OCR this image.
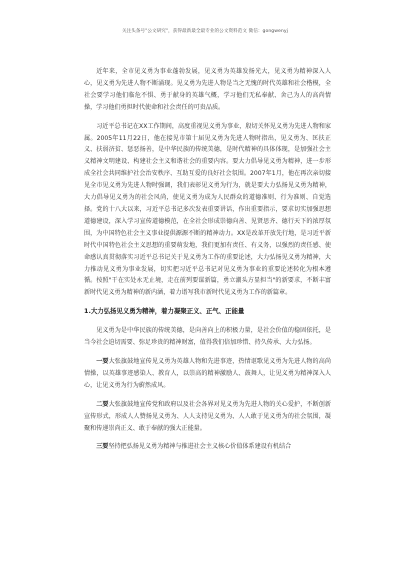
关注头条号"公文研究"，获得最新最全最专业的公文资料范文 微信：gongwenyj

近年来，全市见义勇为事业蓬勃发展，见义勇为英雄发扬光大，见义勇为精神深入人心，见义勇为先进人物不断涌现。见义勇为先进人物是当之无愧的时代英雄和社会楷模，全社会要学习他们临危不惧、勇于献身的英雄气概，学习他们无私奉献、舍己为人的高尚情操，学习他们勇担时代使命和社会责任的可贵品质。

习近平总书记在XX工作期间，高度重视见义勇为事业，殷切关怀见义勇为先进人物和家属。2005年11月22日，他在接见市第十届见义勇为先进人物时指出，见义勇为、匡扶正义、扶弱济贫、惩恶扬善，是中华民族的传统美德，是时代精神的具体体现，是加强社会主义精神文明建设、构建社会主义和谐社会的重要内容。要大力倡导见义勇为精神，进一步形成全社会共同维护社会治安秩序、互助互爱的良好社会氛围。2007年1月，他在再次亲切接见全市见义勇为先进人物时强调，我们表彰见义勇为行为，就是要大力弘扬见义勇为精神，大力倡导见义勇为的社会风尚，使见义勇为成为人民群众的道德准则、行为准则、自觉选择。党的十八大以来，习近平总书记多次发表重要讲话，作出重要指示，要求切实加强思想道德建设，深入学习宣传道德模范，在全社会形成崇德向善、见贤思齐、德行天下的浓厚氛围，为中国特色社会主义事业提供源源不断的精神动力。XX是改革开放先行地，是习近平新时代中国特色社会主义思想的重要萌发地，我们更加有责任、有义务，以强烈的责任感、使命感认真贯彻落实习近平总书记关于见义勇为工作的重要论述，大力弘扬见义勇为精神，大力推动见义勇为事业发展，切实把习近平总书记对见义勇为事业的重要论述转化为根本遵循。按照"干在实处永无止境，走在前列要谋新篇，勇立潮头方显担当"的新要求，不断丰富新时代见义勇为精神的新内涵，着力谱写我市新时代见义勇为工作的新篇章。

1.大力弘扬见义勇为精神，着力凝聚正义、正气、正能量

见义勇为是中华民族的传统美德，是向善向上的积极力量，是社会价值的稳固依托，是当今社会迫切需要、弥足珍贵的精神财富，值得我们倍加珍惜、持久传承、大力弘扬。

一要大张旗鼓地宣传见义勇为英雄人物和先进事迹，热情讴歌见义勇为先进人物的高尚情操，以英雄事迹感染人、教育人，以崇高的精神激励人、鼓舞人，让见义勇为精神深入人心，让见义勇为行为蔚然成风。

二要大张旗鼓地宣传党和政府以及社会各界对见义勇为先进人物的关心爱护，不断创新宣传形式，形成人人赞扬见义勇为、人人支持见义勇为、人人敢于见义勇为的社会氛围，凝聚和传递崇尚正义、敢于奉献的强大正能量。

三要坚持把弘扬见义勇为精神与推进社会主义核心价值体系建设有机结合
